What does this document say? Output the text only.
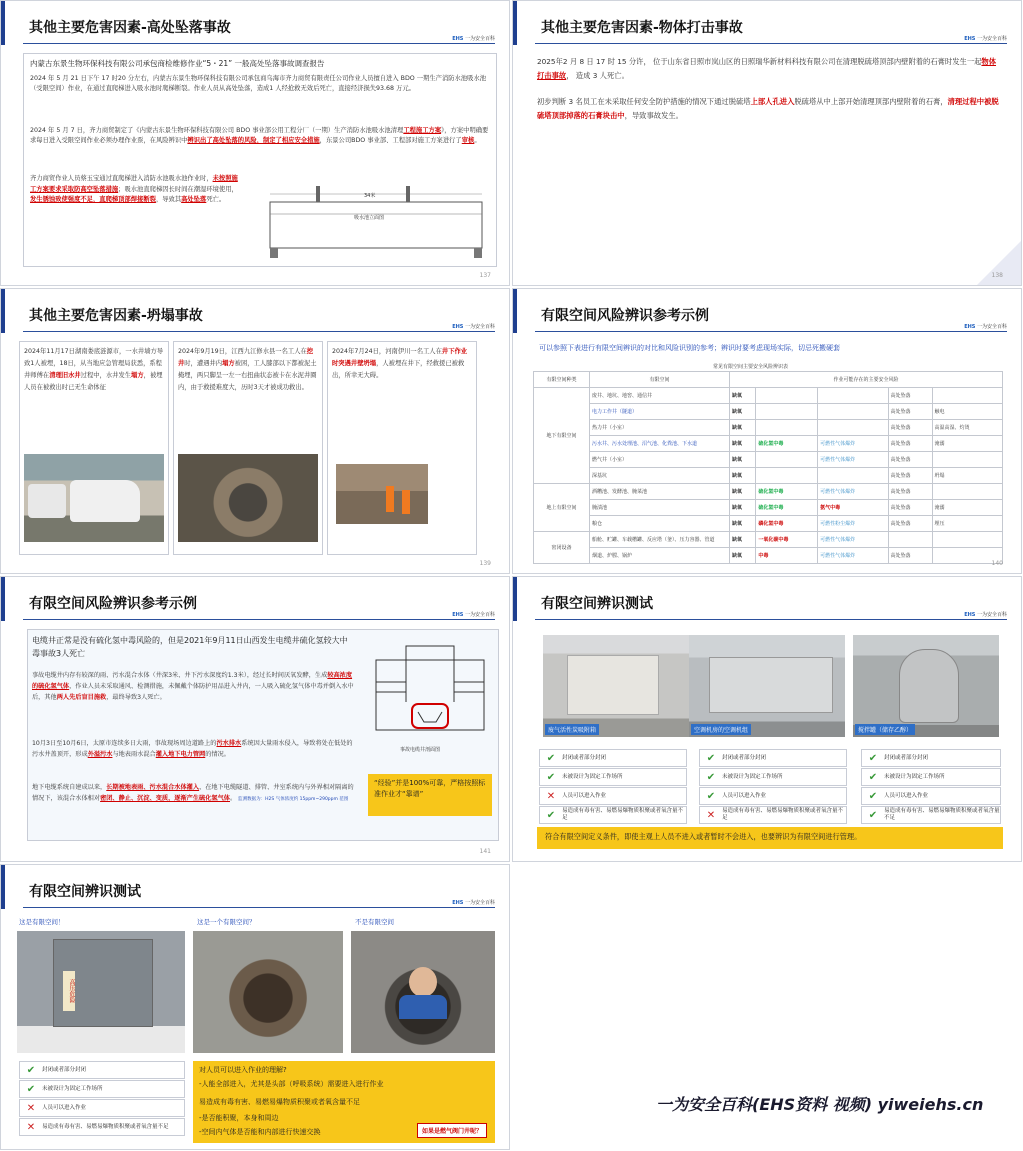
其他主要危害因素-高处坠落事故
EHS 一为安全百科
内蒙古东景生物环保科技有限公司承包商检维修作业“5・21” 一般高处坠落事故调查报告
2024 年 5 月 21 日下午 17 时20 分左右，内蒙古东景生物环保科技有限公司承包商乌海市齐力商贸有限责任公司作业人员擅自进入 BDO 一期生产消防水池吸水池（受限空间）作业，在通过直爬梯进入吸水池时爬梯断裂。作业人员从高处坠落，造成1 人经抢救无效后死亡，直接经济损失93.68 万元。
2024 年 5 月 7 日，齐力商贸制定了《内蒙古东景生物环保科技有限公司 BDO 事业部公用工程分厂（一期）生产消防水池吸水池清理工程施工方案》，方案中明确要求每日进入受限空间作业必须办理作业票，在风险辨识中辨识出了高处坠落的风险，制定了相应安全措施，东景公司BDO 事业部、工程部对施工方案进行了审核。
齐力商贸作业人员蔡玉宝通过直爬梯进入消防水池吸水池作业时，未按照施工方案要求采取防高空坠落措施；吸水池直爬梯因长时间在潮湿环境使用，发生锈蚀致使强度不足，直爬梯顶部焊接断裂，导致其高处坠落死亡。	34米
吸水池立面图
137
其他主要危害因素-物体打击事故
EHS 一为安全百科
2025年2 月 8 日 17 时 15 分许， 位于山东省日照市岚山区的日照瑞华新材料科技有限公司在清理脱硫塔顶部内壁附着的石膏时发生一起物体打击事故， 造成 3 人死亡。
初步判断 3 名员工在未采取任何安全防护措施的情况下通过脱硫塔上部人孔进入脱硫塔从中上部开始清理顶部内壁附着的石膏，清理过程中被脱硫塔顶部掉落的石膏块击中，导致事故发生。
138
其他主要危害因素-坍塌事故
EHS 一为安全百科
2024年11月17日湖南娄底涟源市，一水井墙方导致1人被埋，18日，从当地应急管理局获悉，系程井师傅在清理旧水井过程中，水井发生塌方，被埋人员在被救出时已无生命体征
2024年9月19日，江西九江修水县一名工人在挖井时，遭遇井内塌方被困，工人膝部以下都被泥土掩埋，两只脚呈一左一右扭曲状态被卡在水泥井圈内，由于救援难度大，历时3天才被成功救出。
2024年7月24日，河南伊川一名工人在井下作业时突遇井壁坍塌，人被埋在井下，经救援已被救出，所幸无大碍。
139
有限空间风险辨识参考示例
EHS 一为安全百科
可以参照下表进行有限空间辨识的对比和风险识别的参考；辨识时要考虑现场实际，切忌死搬硬套
常见有限空间主要安全风险辨识表
有限空间种类	有限空间	作业可能存在的主要安全风险				
地下有限空间	废井、地坑、地窖、通信井	缺氧			高处坠落	
	电力工作井（隧道）	缺氧			高处坠落	触电
	热力井（小室）	缺氧			高处坠落	高温高湿、灼烫
	污水井、污水处理池、沼气池、化粪池、下水道	缺氧	硫化氢中毒	可燃性气体爆炸	高处坠落	淹溺
	燃气井（小室）	缺氧		可燃性气体爆炸	高处坠落	
	深基坑	缺氧			高处坠落	坍塌
地上有限空间	酒糟池、发酵池、腌菜池	缺氧	硫化氢中毒	可燃性气体爆炸	高处坠落	
	腌渍池	缺氧	硫化氢中毒	氨气中毒	高处坠落	淹溺
	粮仓	缺氧	磷化氢中毒	可燃性粉尘爆炸	高处坠落	埋压
密闭设备	船舱、贮罐、车载槽罐、反应塔（釜）、压力容器、管道	缺氧	一氧化碳中毒	可燃性气体爆炸		
	烟道、炉膛、锅炉	缺氧	中毒	可燃性气体爆炸	高处坠落	
140
有限空间风险辨识参考示例
EHS 一为安全百科
电缆井正常是没有硫化氢中毒风险的，但是2021年9月11日山西发生电缆井硫化氢较大中毒事故3人死亡
事故电缆井内存有较深的雨、污水混合水体（井深3米、井下污水深度约1.3米），经过长时间厌氧发酵，生成较高浓度的硫化氢气体，作业人员未采取通风、检测措施，未佩戴个体防护用品进入井内，一人吸入硫化氢气体中毒并倒入水中后，其他两人先后盲目施救，最终导致3人死亡。
10月3日至10月6日，太原市连续多日大雨，事故现场周边道路上的污水排水系统因大量雨水侵入，导致将处在低处的污水井盖顶开，形成外溢污水与地表雨水混合灌入地下电力管网的情况。
地下电缆系统自建成以来，长期被地表雨、污水混合水体灌入，在地下电缆隧道、排管、井室系统内与外界相对隔离的情况下，该混合水体相对密闭、静止、沉淀、变质，逐渐产生硫化氢气体。 监测数据为：H2S 气体浓度约 15ppm~290ppm 范围
事故电缆井剖面图
“经验”并是100%可靠，严格按照标准作业才“靠谱”
141
有限空间辨识测试
EHS 一为安全百科
废气活性炭吸附箱	空调机房的空调机组	搅拌罐（储存乙醇）
✔	封闭或者部分封闭
✔	未被设计为固定工作场所
✕	人员可以进入作业
✔	易造成有毒有害、易燃易爆物质积聚或者氧含量不足
✔	封闭或者部分封闭
✔	未被设计为固定工作场所
✔	人员可以进入作业
✕	易造成有毒有害、易燃易爆物质积聚或者氧含量不足
✔	封闭或者部分封闭
✔	未被设计为固定工作场所
✔	人员可以进入作业
✔	易造成有毒有害、易燃易爆物质积聚或者氧含量不足
符合有限空间定义条件，即使主观上人员不进入或者暂时不会进入，也要辨识为有限空间进行管理。
有限空间辨识测试
EHS 一为安全百科
这是有限空间！	这是一个有限空间？	不是有限空间
高压危险
✔	封闭或者部分封闭
✔	未被设计为固定工作场所
✕	人员可以进入作业
✕	易造成有毒有害、易燃易爆物质积聚或者氧含量不足
对人员可以进入作业的理解?
-人能全部进入，尤其是头部（呼吸系统）需要进入进行作业
易造成有毒有害、易燃易爆物质积聚或者氧含量不足
-是否能积聚，本身和周边
-空间内气体是否能和内部进行快速交换	如果是燃气阀门井呢？
一为安全百科(EHS资料 视频) yiweiehs.cn
